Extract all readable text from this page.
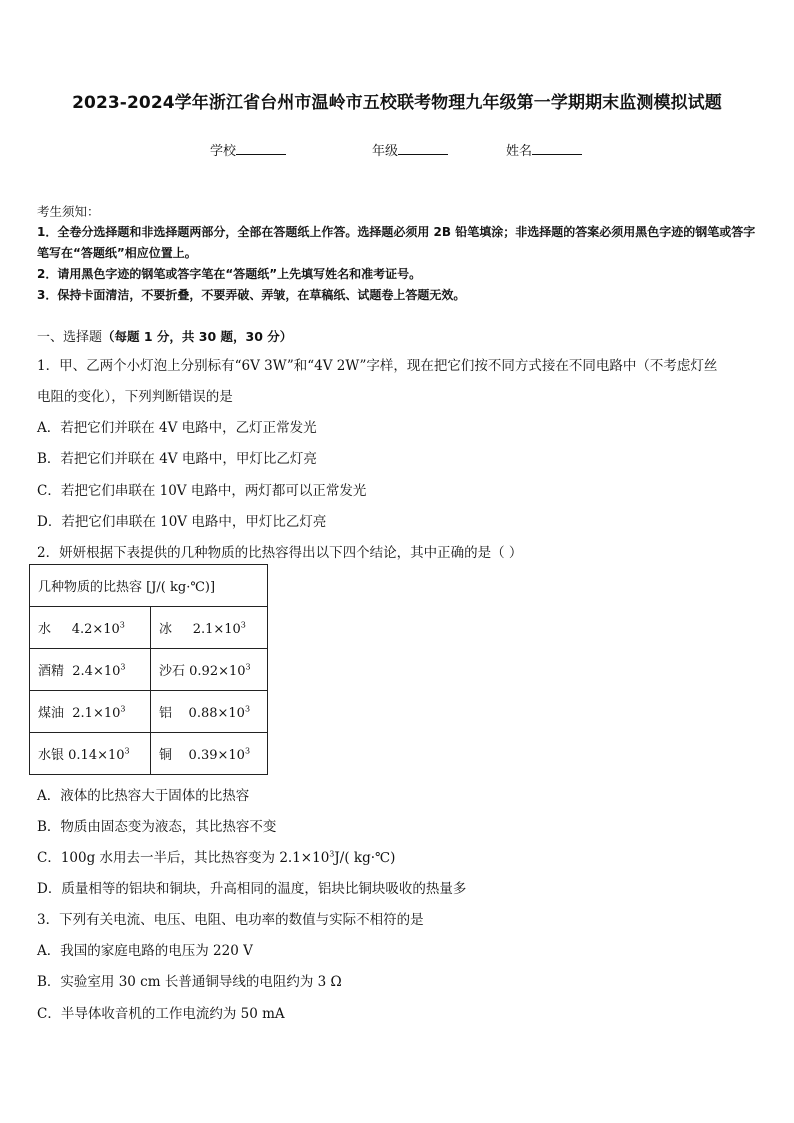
2023-2024学年浙江省台州市温岭市五校联考物理九年级第一学期期末监测模拟试题
学校	年级	姓名
考生须知：
1．全卷分选择题和非选择题两部分，全部在答题纸上作答。选择题必须用 2B 铅笔填涂；非选择题的答案必须用黑色字迹的钢笔或答字笔写在“答题纸”相应位置上。
2．请用黑色字迹的钢笔或答字笔在“答题纸”上先填写姓名和准考证号。
3．保持卡面清洁，不要折叠，不要弄破、弄皱，在草稿纸、试题卷上答题无效。
一、选择题（每题 1 分，共 30 题，30 分）
1．甲、乙两个小灯泡上分别标有“6V 3W”和“4V 2W”字样，现在把它们按不同方式接在不同电路中（不考虑灯丝
电阻的变化），下列判断错误的是
A．若把它们并联在 4V 电路中，乙灯正常发光
B．若把它们并联在 4V 电路中，甲灯比乙灯亮
C．若把它们串联在 10V 电路中，两灯都可以正常发光
D．若把它们串联在 10V 电路中，甲灯比乙灯亮
2．妍妍根据下表提供的几种物质的比热容得出以下四个结论，其中正确的是（ ）
几种物质的比热容 [J/( kg·℃)]	
水 $4.2\times 10^3$	冰 $2.1\times 10^3$
酒精 $2.4\times 10^3$	沙石 $0.92\times 10^3$
煤油 $2.1\times 10^3$	铝 $0.88\times 10^3$
水银 $0.14\times 10^3$	铜 $0.39\times 10^3$
A．液体的比热容大于固体的比热容
B．物质由固态变为液态，其比热容不变
C．100g 水用去一半后，其比热容变为 $2.1\times 10^3J/$( kg·℃)
D．质量相等的铝块和铜块，升高相同的温度，铝块比铜块吸收的热量多
3．下列有关电流、电压、电阻、电功率的数值与实际不相符的是
A．我国的家庭电路的电压为 220 V
B．实验室用 30 cm 长普通铜导线的电阻约为 3 Ω
C．半导体收音机的工作电流约为 50 mA
